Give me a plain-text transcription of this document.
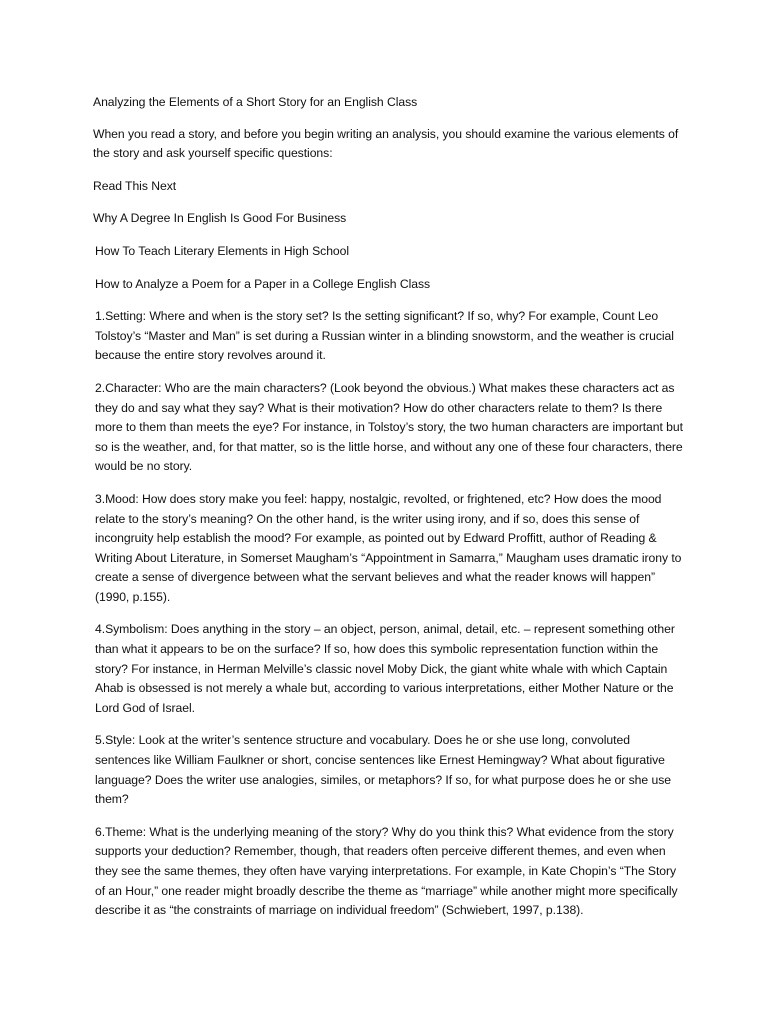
Analyzing the Elements of a Short Story for an English Class

When you read a story, and before you begin writing an analysis, you should examine the various elements of the story and ask yourself specific questions:

Read This Next

Why A Degree In English Is Good For Business

How To Teach Literary Elements in High School

How to Analyze a Poem for a Paper in a College English Class

1.Setting: Where and when is the story set? Is the setting significant? If so, why? For example, Count Leo Tolstoy’s “Master and Man” is set during a Russian winter in a blinding snowstorm, and the weather is crucial because the entire story revolves around it.

2.Character: Who are the main characters? (Look beyond the obvious.) What makes these characters act as they do and say what they say? What is their motivation? How do other characters relate to them? Is there more to them than meets the eye? For instance, in Tolstoy’s story, the two human characters are important but so is the weather, and, for that matter, so is the little horse, and without any one of these four characters, there would be no story.

3.Mood: How does story make you feel: happy, nostalgic, revolted, or frightened, etc? How does the mood relate to the story’s meaning? On the other hand, is the writer using irony, and if so, does this sense of incongruity help establish the mood? For example, as pointed out by Edward Proffitt, author of Reading & Writing About Literature, in Somerset Maugham’s “Appointment in Samarra,” Maugham uses dramatic irony to create a sense of divergence between what the servant believes and what the reader knows will happen” (1990, p.155).

4.Symbolism: Does anything in the story – an object, person, animal, detail, etc. – represent something other than what it appears to be on the surface? If so, how does this symbolic representation function within the story? For instance, in Herman Melville’s classic novel Moby Dick, the giant white whale with which Captain Ahab is obsessed is not merely a whale but, according to various interpretations, either Mother Nature or the Lord God of Israel.

5.Style: Look at the writer’s sentence structure and vocabulary. Does he or she use long, convoluted sentences like William Faulkner or short, concise sentences like Ernest Hemingway? What about figurative language? Does the writer use analogies, similes, or metaphors? If so, for what purpose does he or she use them?

6.Theme: What is the underlying meaning of the story? Why do you think this? What evidence from the story supports your deduction? Remember, though, that readers often perceive different themes, and even when they see the same themes, they often have varying interpretations. For example, in Kate Chopin’s “The Story of an Hour,” one reader might broadly describe the theme as “marriage” while another might more specifically describe it as “the constraints of marriage on individual freedom” (Schwiebert, 1997, p.138).
